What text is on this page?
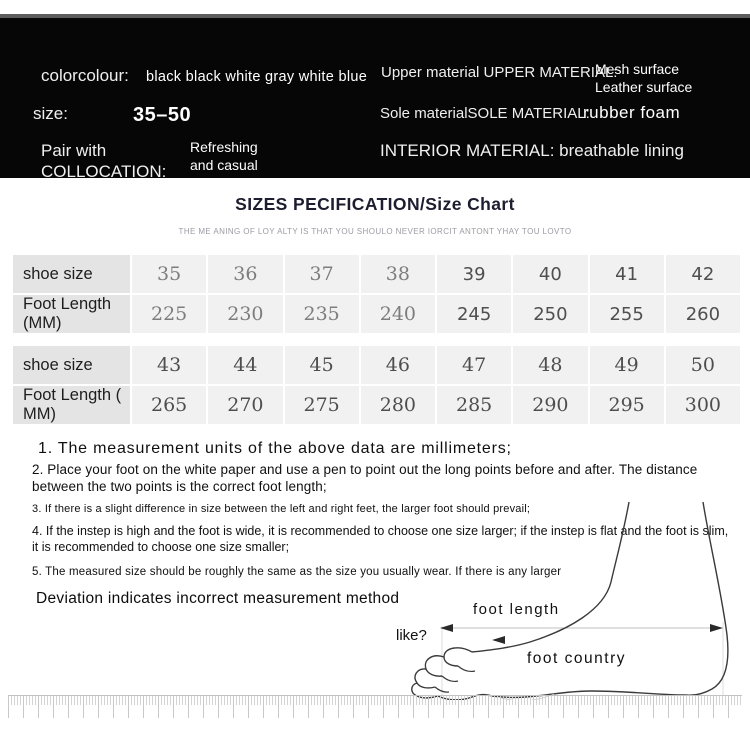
colorcolour: black black white gray white blue
size:	35–50
Pair with COLLOCATION:
Refreshing and casual
Upper material UPPER MATERIAL:
Mesh surface
Leather surface
Sole materialSOLE MATERIAL:
rubber foam
INTERIOR MATERIAL: breathable lining
SIZES PECIFICATION/Size Chart
THE ME ANING OF LOY ALTY IS THAT YOU SHOULO NEVER IORCIT ANTONT YHAY TOU LOVTO
shoe size	35	36	37	38	39	40	41	42
Foot Length (MM)	225	230	235	240	245	250	255	260
shoe size	43	44	45	46	47	48	49	50
Foot Length ( MM)	265	270	275	280	285	290	295	300
1. The measurement units of the above data are millimeters;
2. Place your foot on the white paper and use a pen to point out the long points before and after. The distance between the two points is the correct foot length;
3. If there is a slight difference in size between the left and right feet, the larger foot should prevail;
4. If the instep is high and the foot is wide, it is recommended to choose one size larger; if the instep is flat and the foot is slim, it is recommended to choose one size smaller;
5. The measured size should be roughly the same as the size you usually wear. If there is any larger
Deviation indicates incorrect measurement method
foot length
like?
foot country
